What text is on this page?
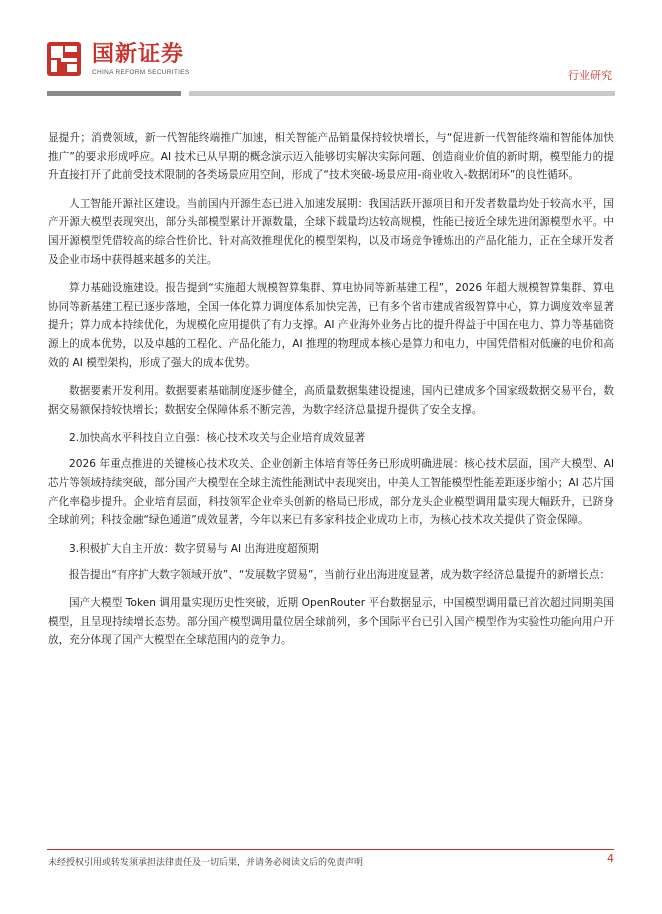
国新证券
CHINA REFORM SECURITIES	行业研究

显提升；消费领域，新一代智能终端推广加速，相关智能产品销量保持较快增长，与“促进新一代智能终端和智能体加快推广”的要求形成呼应。AI 技术已从早期的概念演示迈入能够切实解决实际问题、创造商业价值的新时期，模型能力的提升直接打开了此前受技术限制的各类场景应用空间，形成了“技术突破-场景应用-商业收入-数据闭环”的良性循环。

人工智能开源社区建设。当前国内开源生态已进入加速发展期：我国活跃开源项目和开发者数量均处于较高水平，国产开源大模型表现突出，部分头部模型累计开源数量，全球下载量均达较高规模，性能已接近全球先进闭源模型水平。中国开源模型凭借较高的综合性价比、针对高效推理优化的模型架构，以及市场竞争锤炼出的产品化能力，正在全球开发者及企业市场中获得越来越多的关注。

算力基础设施建设。报告提到“实施超大规模智算集群、算电协同等新基建工程”，2026 年超大规模智算集群、算电协同等新基建工程已逐步落地，全国一体化算力调度体系加快完善，已有多个省市建成省级智算中心，算力调度效率显著提升；算力成本持续优化，为规模化应用提供了有力支撑。AI 产业海外业务占比的提升得益于中国在电力、算力等基础资源上的成本优势，以及卓越的工程化、产品化能力，AI 推理的物理成本核心是算力和电力，中国凭借相对低廉的电价和高效的 AI 模型架构，形成了强大的成本优势。

数据要素开发利用。数据要素基础制度逐步健全，高质量数据集建设提速，国内已建成多个国家级数据交易平台，数据交易额保持较快增长；数据安全保障体系不断完善，为数字经济总量提升提供了安全支撑。

2.加快高水平科技自立自强：核心技术攻关与企业培育成效显著

2026 年重点推进的关键核心技术攻关、企业创新主体培育等任务已形成明确进展：核心技术层面，国产大模型、AI 芯片等领域持续突破，部分国产大模型在全球主流性能测试中表现突出，中美人工智能模型性能差距逐步缩小；AI 芯片国产化率稳步提升。企业培育层面，科技领军企业牵头创新的格局已形成，部分龙头企业模型调用量实现大幅跃升，已跻身全球前列；科技金融“绿色通道”成效显著，今年以来已有多家科技企业成功上市，为核心技术攻关提供了资金保障。

3.积极扩大自主开放：数字贸易与 AI 出海进度超预期

报告提出“有序扩大数字领域开放”、“发展数字贸易”，当前行业出海进度显著，成为数字经济总量提升的新增长点：

国产大模型 Token 调用量实现历史性突破，近期 OpenRouter 平台数据显示，中国模型调用量已首次超过同期美国模型，且呈现持续增长态势。部分国产模型调用量位居全球前列，多个国际平台已引入国产模型作为实验性功能向用户开放，充分体现了国产大模型在全球范围内的竞争力。

未经授权引用或转发须承担法律责任及一切后果，并请务必阅读文后的免责声明	4
